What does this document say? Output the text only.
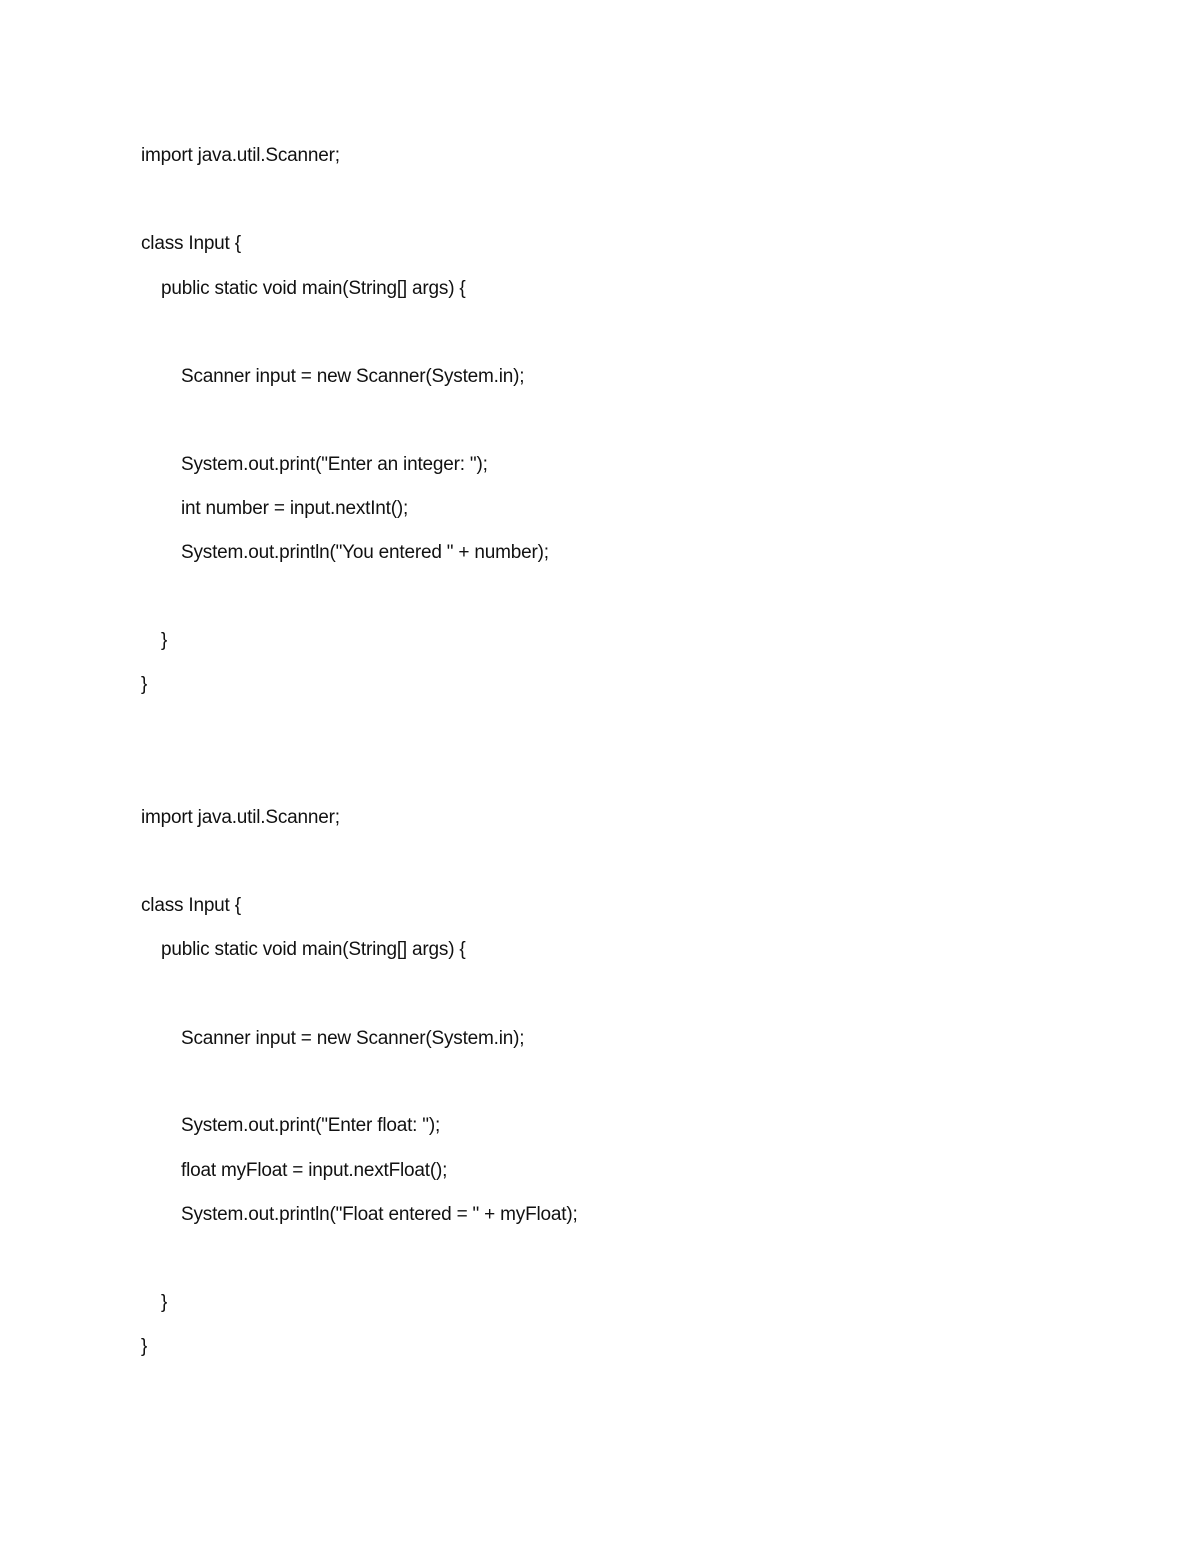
import java.util.Scanner;
class Input {
public static void main(String[] args) {
Scanner input = new Scanner(System.in);
System.out.print("Enter an integer: ");
int number = input.nextInt();
System.out.println("You entered " + number);
}
}
import java.util.Scanner;
class Input {
public static void main(String[] args) {
Scanner input = new Scanner(System.in);
System.out.print("Enter float: ");
float myFloat = input.nextFloat();
System.out.println("Float entered = " + myFloat);
}
}
